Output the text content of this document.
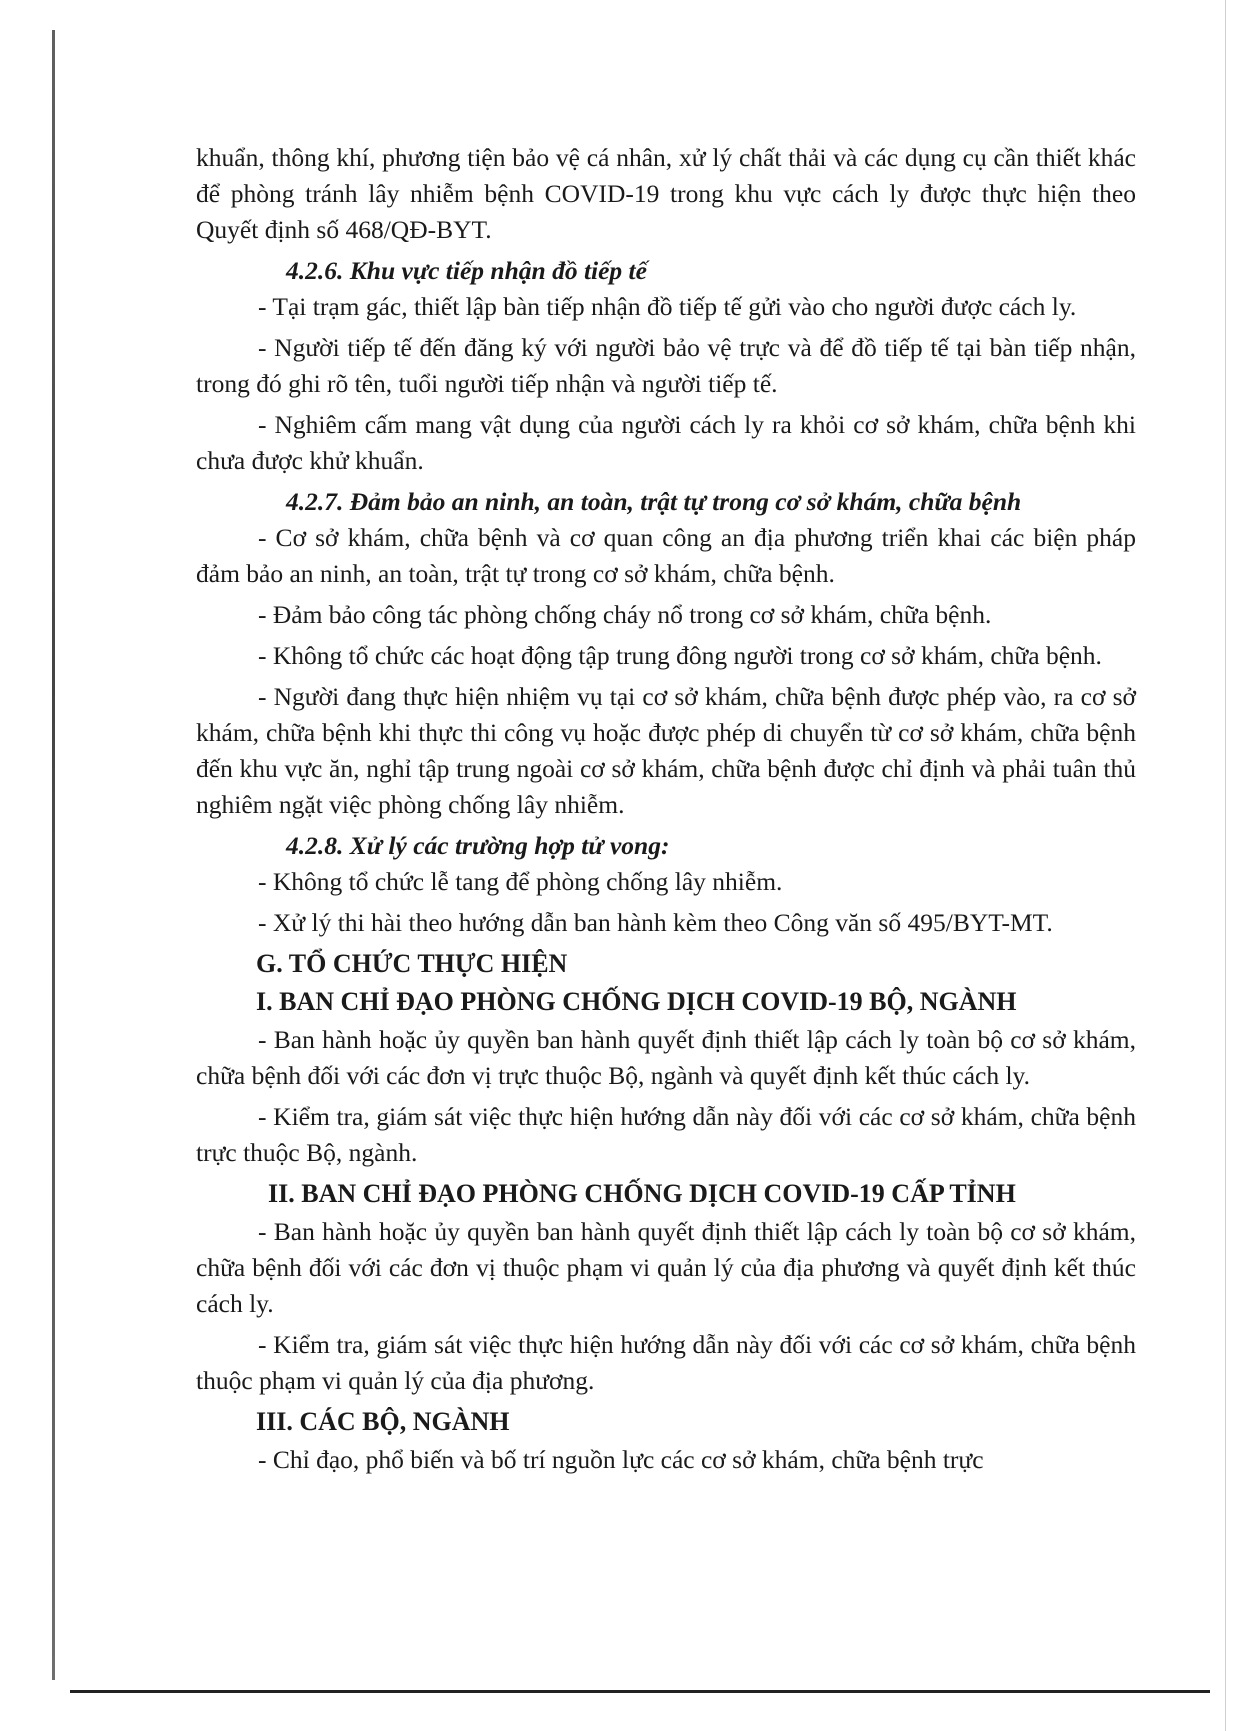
khuẩn, thông khí, phương tiện bảo vệ cá nhân, xử lý chất thải và các dụng cụ cần thiết khác để phòng tránh lây nhiễm bệnh COVID-19 trong khu vực cách ly được thực hiện theo Quyết định số 468/QĐ-BYT.

4.2.6. Khu vực tiếp nhận đồ tiếp tế

- Tại trạm gác, thiết lập bàn tiếp nhận đồ tiếp tế gửi vào cho người được cách ly.

- Người tiếp tế đến đăng ký với người bảo vệ trực và để đồ tiếp tế tại bàn tiếp nhận, trong đó ghi rõ tên, tuổi người tiếp nhận và người tiếp tế.

- Nghiêm cấm mang vật dụng của người cách ly ra khỏi cơ sở khám, chữa bệnh khi chưa được khử khuẩn.

4.2.7. Đảm bảo an ninh, an toàn, trật tự trong cơ sở khám, chữa bệnh

- Cơ sở khám, chữa bệnh và cơ quan công an địa phương triển khai các biện pháp đảm bảo an ninh, an toàn, trật tự trong cơ sở khám, chữa bệnh.

- Đảm bảo công tác phòng chống cháy nổ trong cơ sở khám, chữa bệnh.

- Không tổ chức các hoạt động tập trung đông người trong cơ sở khám, chữa bệnh.

- Người đang thực hiện nhiệm vụ tại cơ sở khám, chữa bệnh được phép vào, ra cơ sở khám, chữa bệnh khi thực thi công vụ hoặc được phép di chuyển từ cơ sở khám, chữa bệnh đến khu vực ăn, nghỉ tập trung ngoài cơ sở khám, chữa bệnh được chỉ định và phải tuân thủ nghiêm ngặt việc phòng chống lây nhiễm.

4.2.8. Xử lý các trường hợp tử vong:

- Không tổ chức lễ tang để phòng chống lây nhiễm.

- Xử lý thi hài theo hướng dẫn ban hành kèm theo Công văn số 495/BYT-MT.

G. TỔ CHỨC THỰC HIỆN

I. BAN CHỈ ĐẠO PHÒNG CHỐNG DỊCH COVID-19 BỘ, NGÀNH

- Ban hành hoặc ủy quyền ban hành quyết định thiết lập cách ly toàn bộ cơ sở khám, chữa bệnh đối với các đơn vị trực thuộc Bộ, ngành và quyết định kết thúc cách ly.

- Kiểm tra, giám sát việc thực hiện hướng dẫn này đối với các cơ sở khám, chữa bệnh trực thuộc Bộ, ngành.

II. BAN CHỈ ĐẠO PHÒNG CHỐNG DỊCH COVID-19 CẤP TỈNH

- Ban hành hoặc ủy quyền ban hành quyết định thiết lập cách ly toàn bộ cơ sở khám, chữa bệnh đối với các đơn vị thuộc phạm vi quản lý của địa phương và quyết định kết thúc cách ly.

- Kiểm tra, giám sát việc thực hiện hướng dẫn này đối với các cơ sở khám, chữa bệnh thuộc phạm vi quản lý của địa phương.

III. CÁC BỘ, NGÀNH

- Chỉ đạo, phổ biến và bố trí nguồn lực các cơ sở khám, chữa bệnh trực
